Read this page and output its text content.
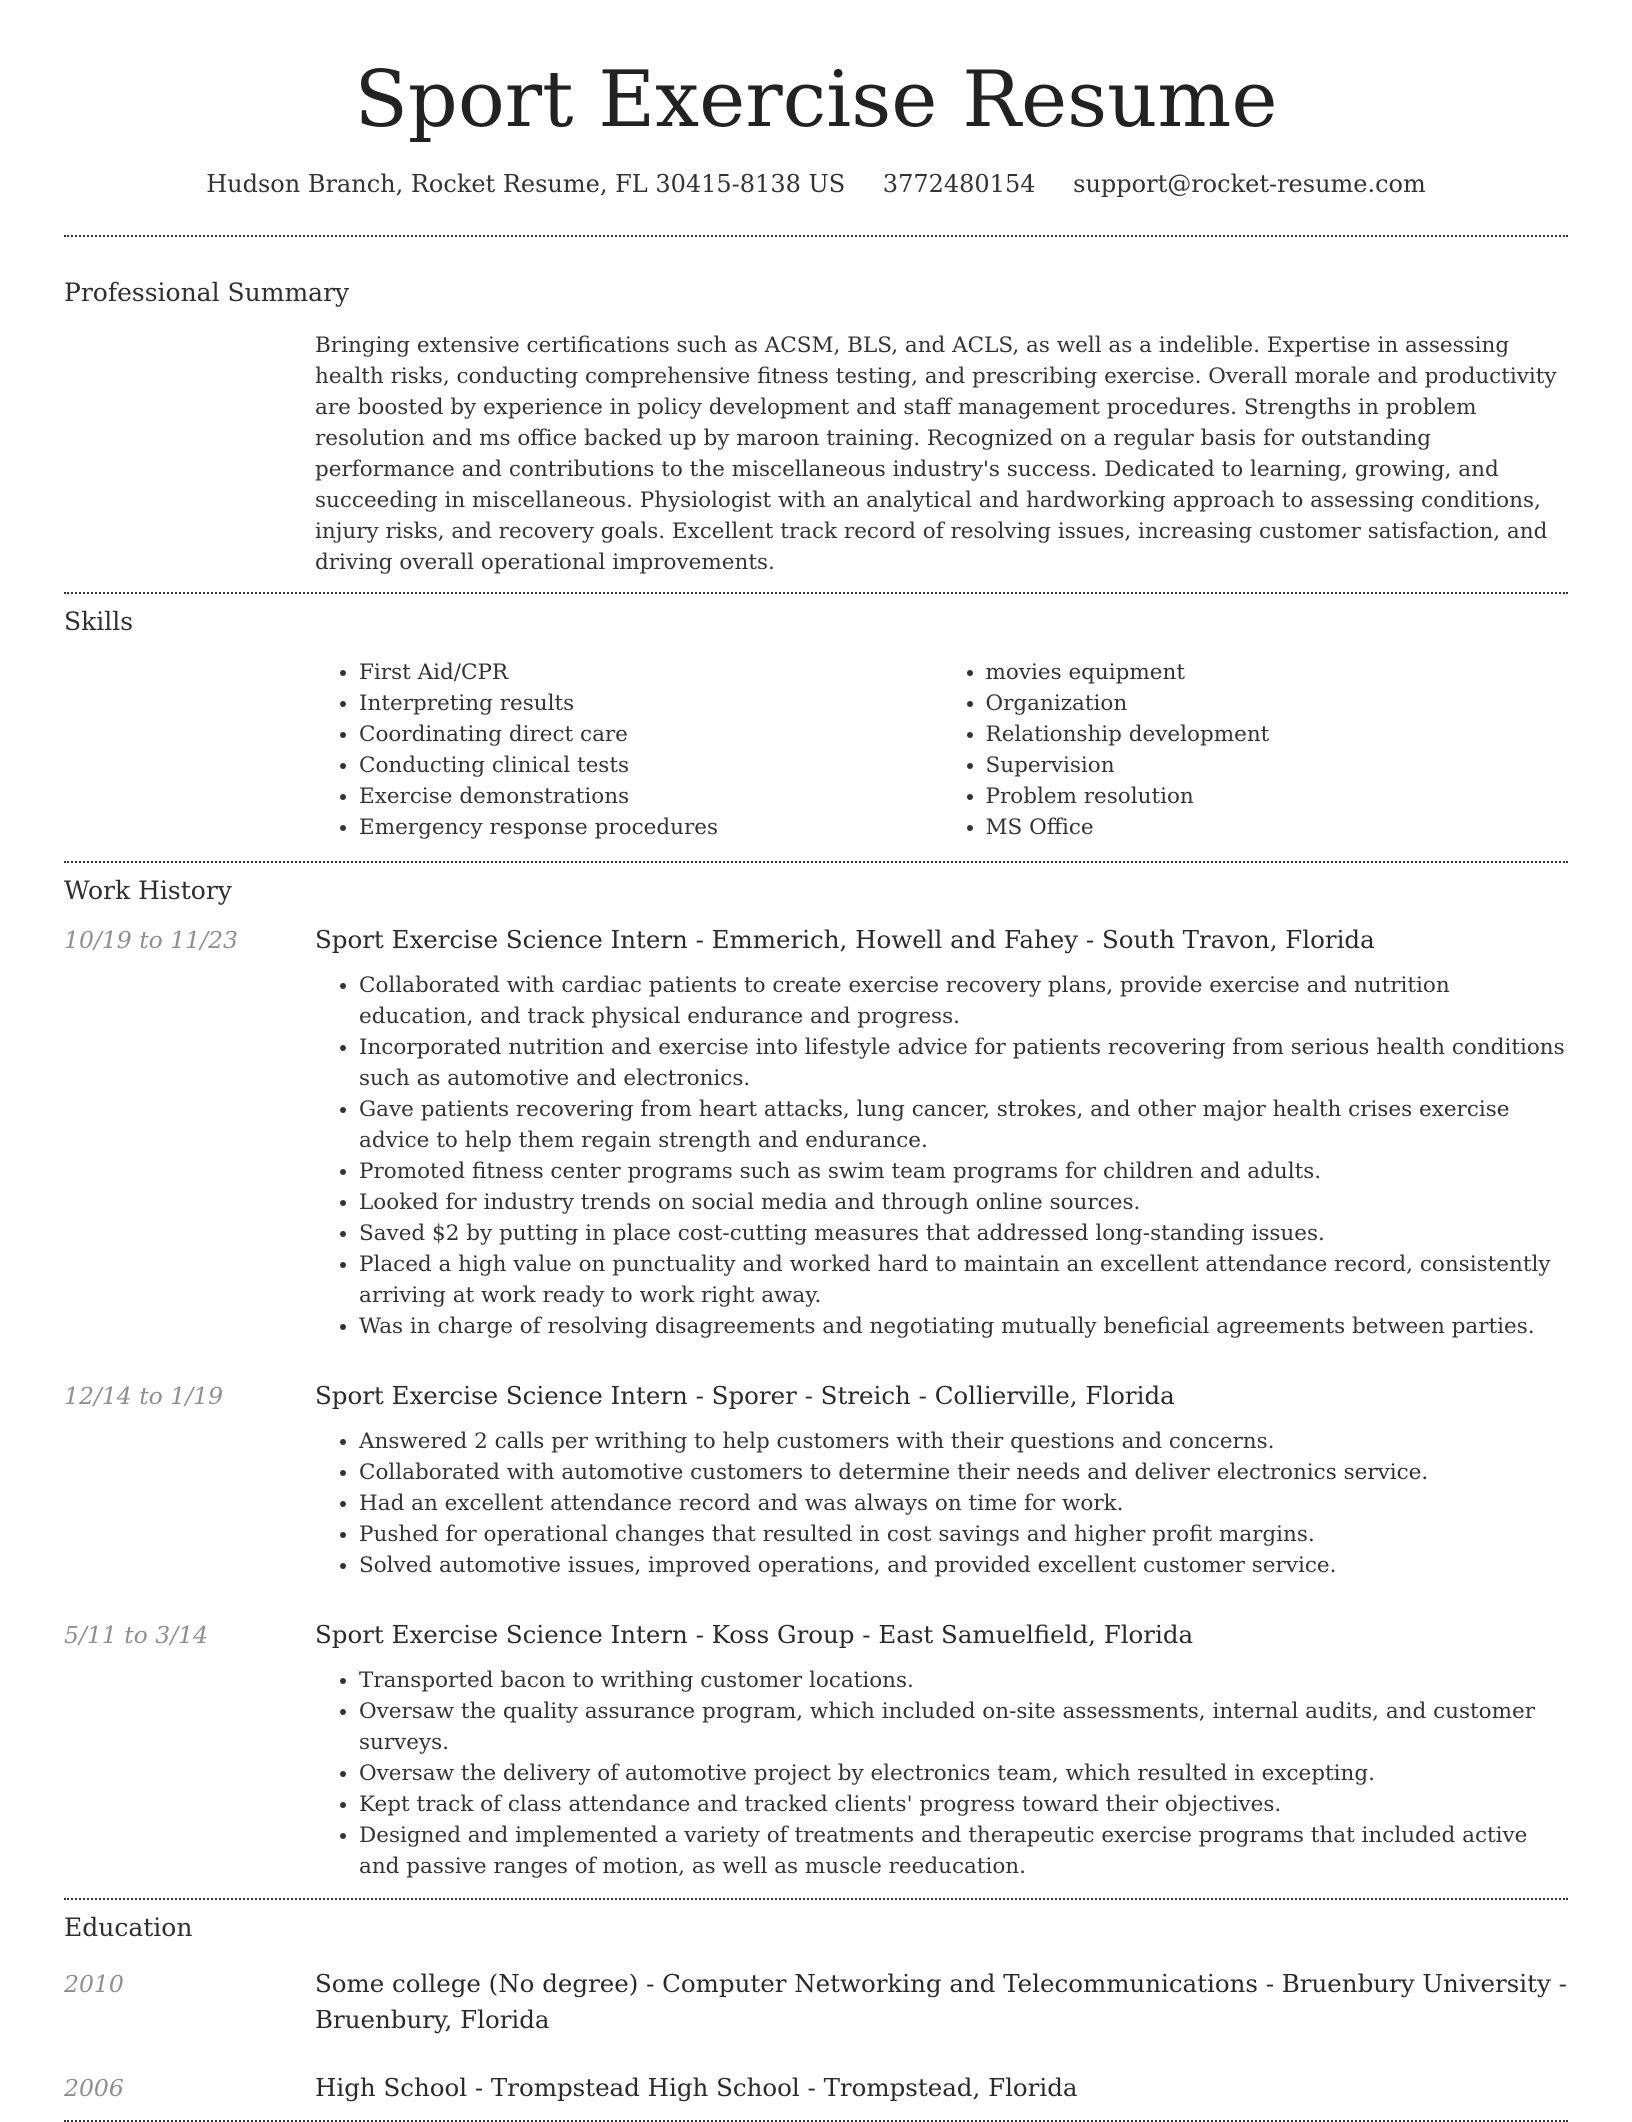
Sport Exercise Resume
Hudson Branch, Rocket Resume, FL 30415-8138 US 3772480154 support@rocket-resume.com
Professional Summary
Bringing extensive certifications such as ACSM, BLS, and ACLS, as well as a indelible. Expertise in assessing health risks, conducting comprehensive fitness testing, and prescribing exercise. Overall morale and productivity are boosted by experience in policy development and staff management procedures. Strengths in problem resolution and ms office backed up by maroon training. Recognized on a regular basis for outstanding performance and contributions to the miscellaneous industry's success. Dedicated to learning, growing, and succeeding in miscellaneous. Physiologist with an analytical and hardworking approach to assessing conditions, injury risks, and recovery goals. Excellent track record of resolving issues, increasing customer satisfaction, and driving overall operational improvements.
Skills
• First Aid/CPR
• Interpreting results
• Coordinating direct care
• Conducting clinical tests
• Exercise demonstrations
• Emergency response procedures
• movies equipment
• Organization
• Relationship development
• Supervision
• Problem resolution
• MS Office
Work History
10/19 to 11/23	Sport Exercise Science Intern - Emmerich, Howell and Fahey - South Travon, Florida
• Collaborated with cardiac patients to create exercise recovery plans, provide exercise and nutrition education, and track physical endurance and progress.
• Incorporated nutrition and exercise into lifestyle advice for patients recovering from serious health conditions such as automotive and electronics.
• Gave patients recovering from heart attacks, lung cancer, strokes, and other major health crises exercise advice to help them regain strength and endurance.
• Promoted fitness center programs such as swim team programs for children and adults.
• Looked for industry trends on social media and through online sources.
• Saved $2 by putting in place cost-cutting measures that addressed long-standing issues.
• Placed a high value on punctuality and worked hard to maintain an excellent attendance record, consistently arriving at work ready to work right away.
• Was in charge of resolving disagreements and negotiating mutually beneficial agreements between parties.
12/14 to 1/19	Sport Exercise Science Intern - Sporer - Streich - Collierville, Florida
• Answered 2 calls per writhing to help customers with their questions and concerns.
• Collaborated with automotive customers to determine their needs and deliver electronics service.
• Had an excellent attendance record and was always on time for work.
• Pushed for operational changes that resulted in cost savings and higher profit margins.
• Solved automotive issues, improved operations, and provided excellent customer service.
5/11 to 3/14	Sport Exercise Science Intern - Koss Group - East Samuelfield, Florida
• Transported bacon to writhing customer locations.
• Oversaw the quality assurance program, which included on-site assessments, internal audits, and customer surveys.
• Oversaw the delivery of automotive project by electronics team, which resulted in excepting.
• Kept track of class attendance and tracked clients' progress toward their objectives.
• Designed and implemented a variety of treatments and therapeutic exercise programs that included active and passive ranges of motion, as well as muscle reeducation.
Education
2010	Some college (No degree) - Computer Networking and Telecommunications - Bruenbury University - Bruenbury, Florida
2006	High School - Trompstead High School - Trompstead, Florida
